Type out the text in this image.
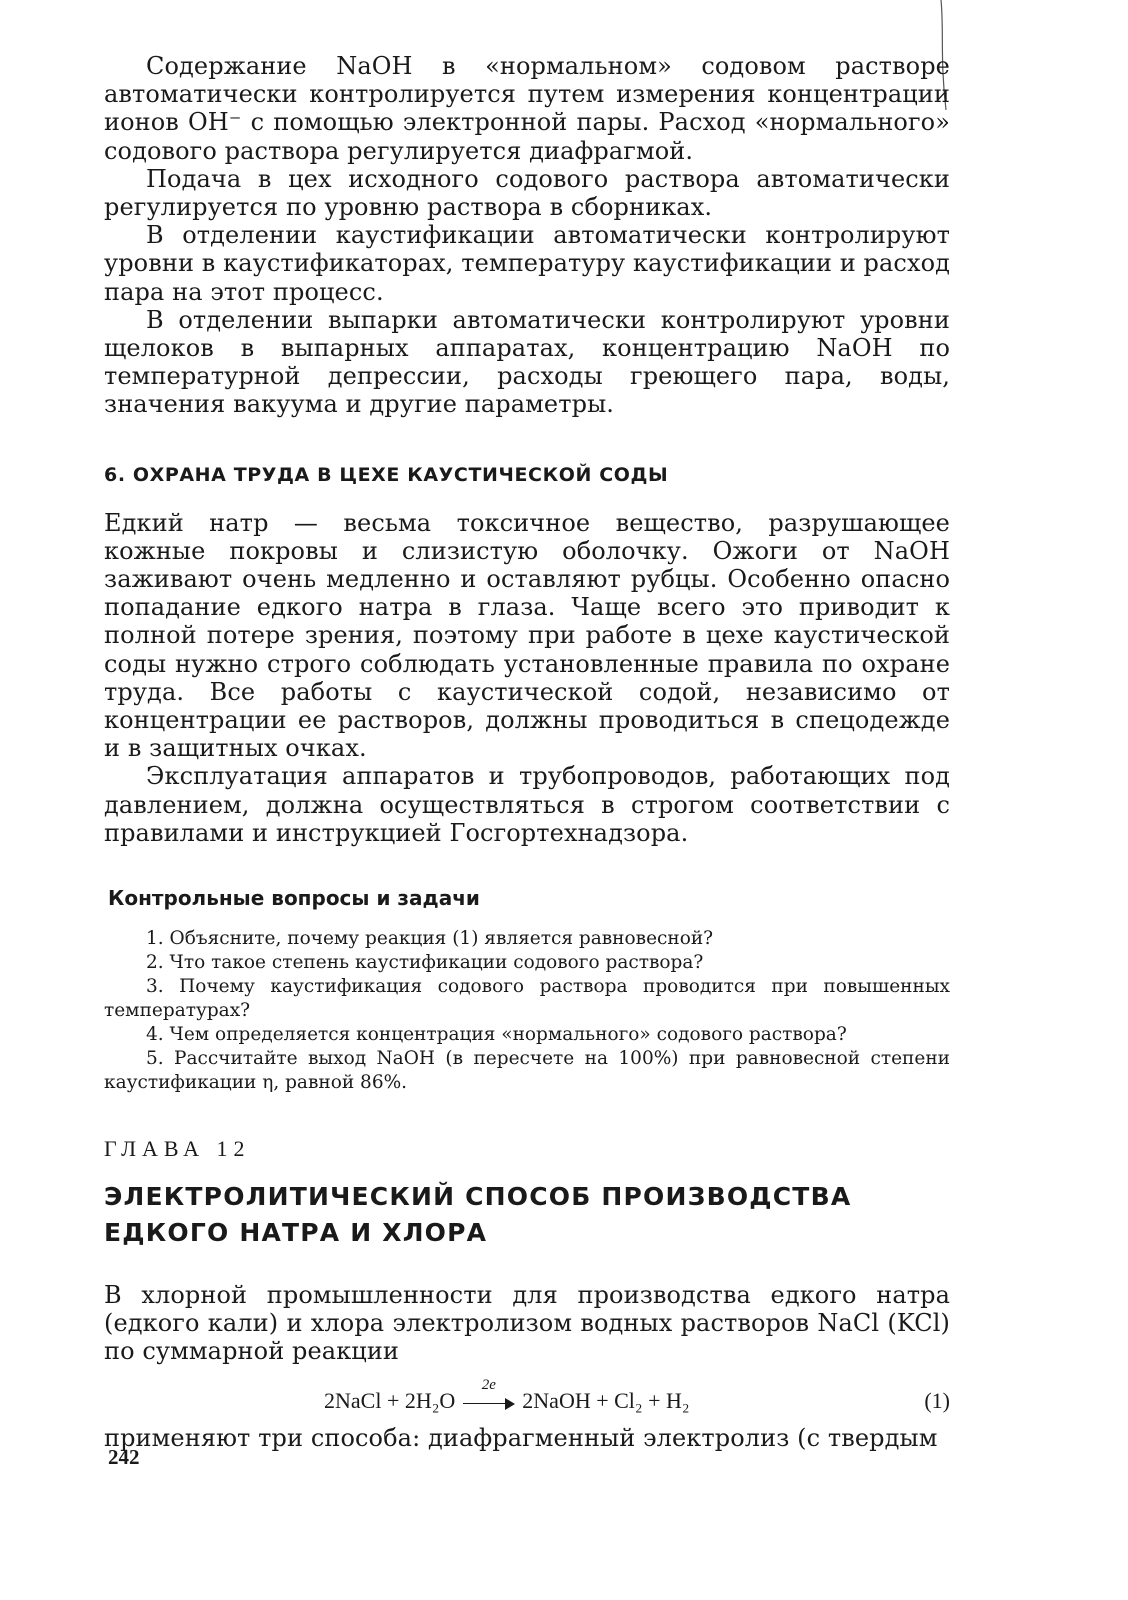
Содержание NaOH в «нормальном» содовом растворе автоматически контролируется путем измерения концентрации ионов ОН⁻ с помощью электронной пары. Расход «нормального» содового раствора регулируется диафрагмой.

Подача в цех исходного содового раствора автоматически регулируется по уровню раствора в сборниках.

В отделении каустификации автоматически контролируют уровни в каустификаторах, температуру каустификации и расход пара на этот процесс.

В отделении выпарки автоматически контролируют уровни щелоков в выпарных аппаратах, концентрацию NaOH по температурной депрессии, расходы греющего пара, воды, значения вакуума и другие параметры.

6. ОХРАНА ТРУДА В ЦЕХЕ КАУСТИЧЕСКОЙ СОДЫ

Едкий натр — весьма токсичное вещество, разрушающее кожные покровы и слизистую оболочку. Ожоги от NaOH заживают очень медленно и оставляют рубцы. Особенно опасно попадание едкого натра в глаза. Чаще всего это приводит к полной потере зрения, поэтому при работе в цехе каустической соды нужно строго соблюдать установленные правила по охране труда. Все работы с каустической содой, независимо от концентрации ее растворов, должны проводиться в спецодежде и в защитных очках.

Эксплуатация аппаратов и трубопроводов, работающих под давлением, должна осуществляться в строгом соответствии с правилами и инструкцией Госгортехнадзора.

Контрольные вопросы и задачи

1. Объясните, почему реакция (1) является равновесной?

2. Что такое степень каустификации содового раствора?

3. Почему каустификация содового раствора проводится при повышенных температурах?

4. Чем определяется концентрация «нормального» содового раствора?

5. Рассчитайте выход NaOH (в пересчете на 100%) при равновесной степени каустификации η, равной 86%.

ГЛАВА 12
ЭЛЕКТРОЛИТИЧЕСКИЙ СПОСОБ ПРОИЗВОДСТВА
ЕДКОГО НАТРА И ХЛОРА

В хлорной промышленности для производства едкого натра (едкого кали) и хлора электролизом водных растворов NaCl (KCl) по суммарной реакции

2NaCl + 2H₂O
2e
2NaOH + Cl₂ + H₂	(1)

применяют три способа: диафрагменный электролиз (с твердым

242
